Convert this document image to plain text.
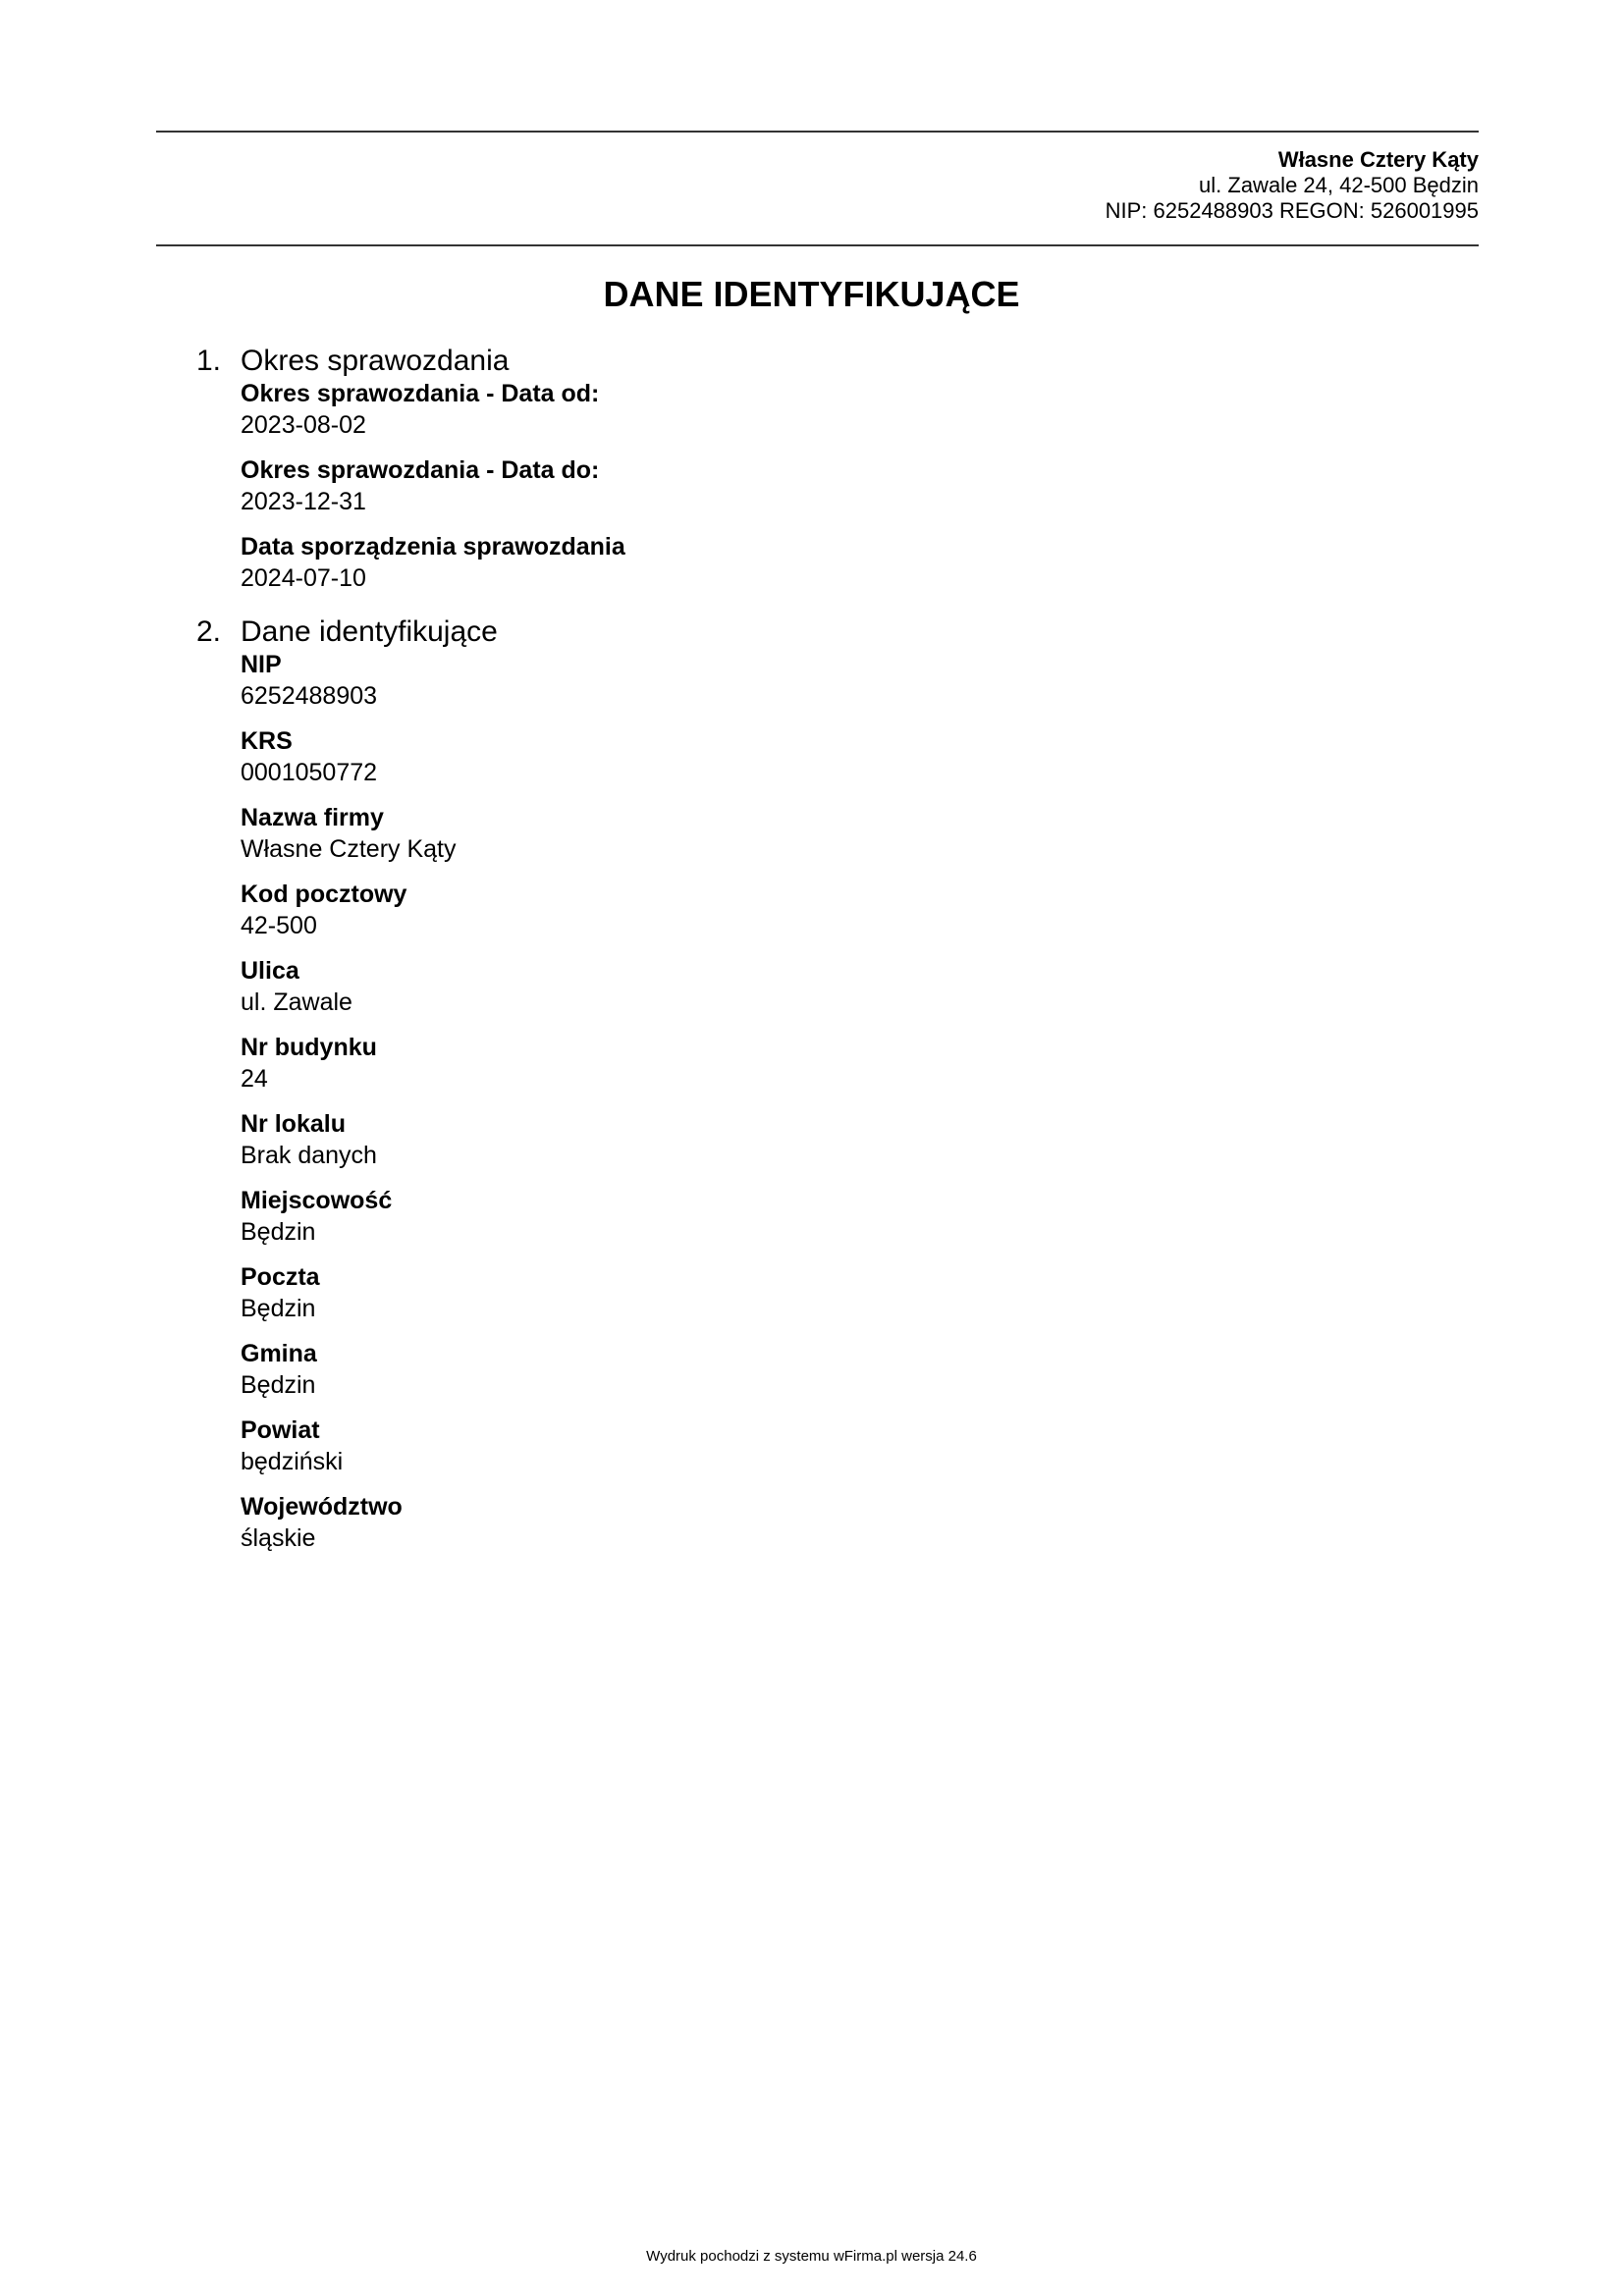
Własne Cztery Kąty
ul. Zawale 24, 42-500 Będzin
NIP: 6252488903 REGON: 526001995
DANE IDENTYFIKUJĄCE
1. Okres sprawozdania
Okres sprawozdania - Data od:
2023-08-02
Okres sprawozdania - Data do:
2023-12-31
Data sporządzenia sprawozdania
2024-07-10
2. Dane identyfikujące
NIP
6252488903
KRS
0001050772
Nazwa firmy
Własne Cztery Kąty
Kod pocztowy
42-500
Ulica
ul. Zawale
Nr budynku
24
Nr lokalu
Brak danych
Miejscowość
Będzin
Poczta
Będzin
Gmina
Będzin
Powiat
będziński
Województwo
śląskie
Wydruk pochodzi z systemu wFirma.pl wersja 24.6
